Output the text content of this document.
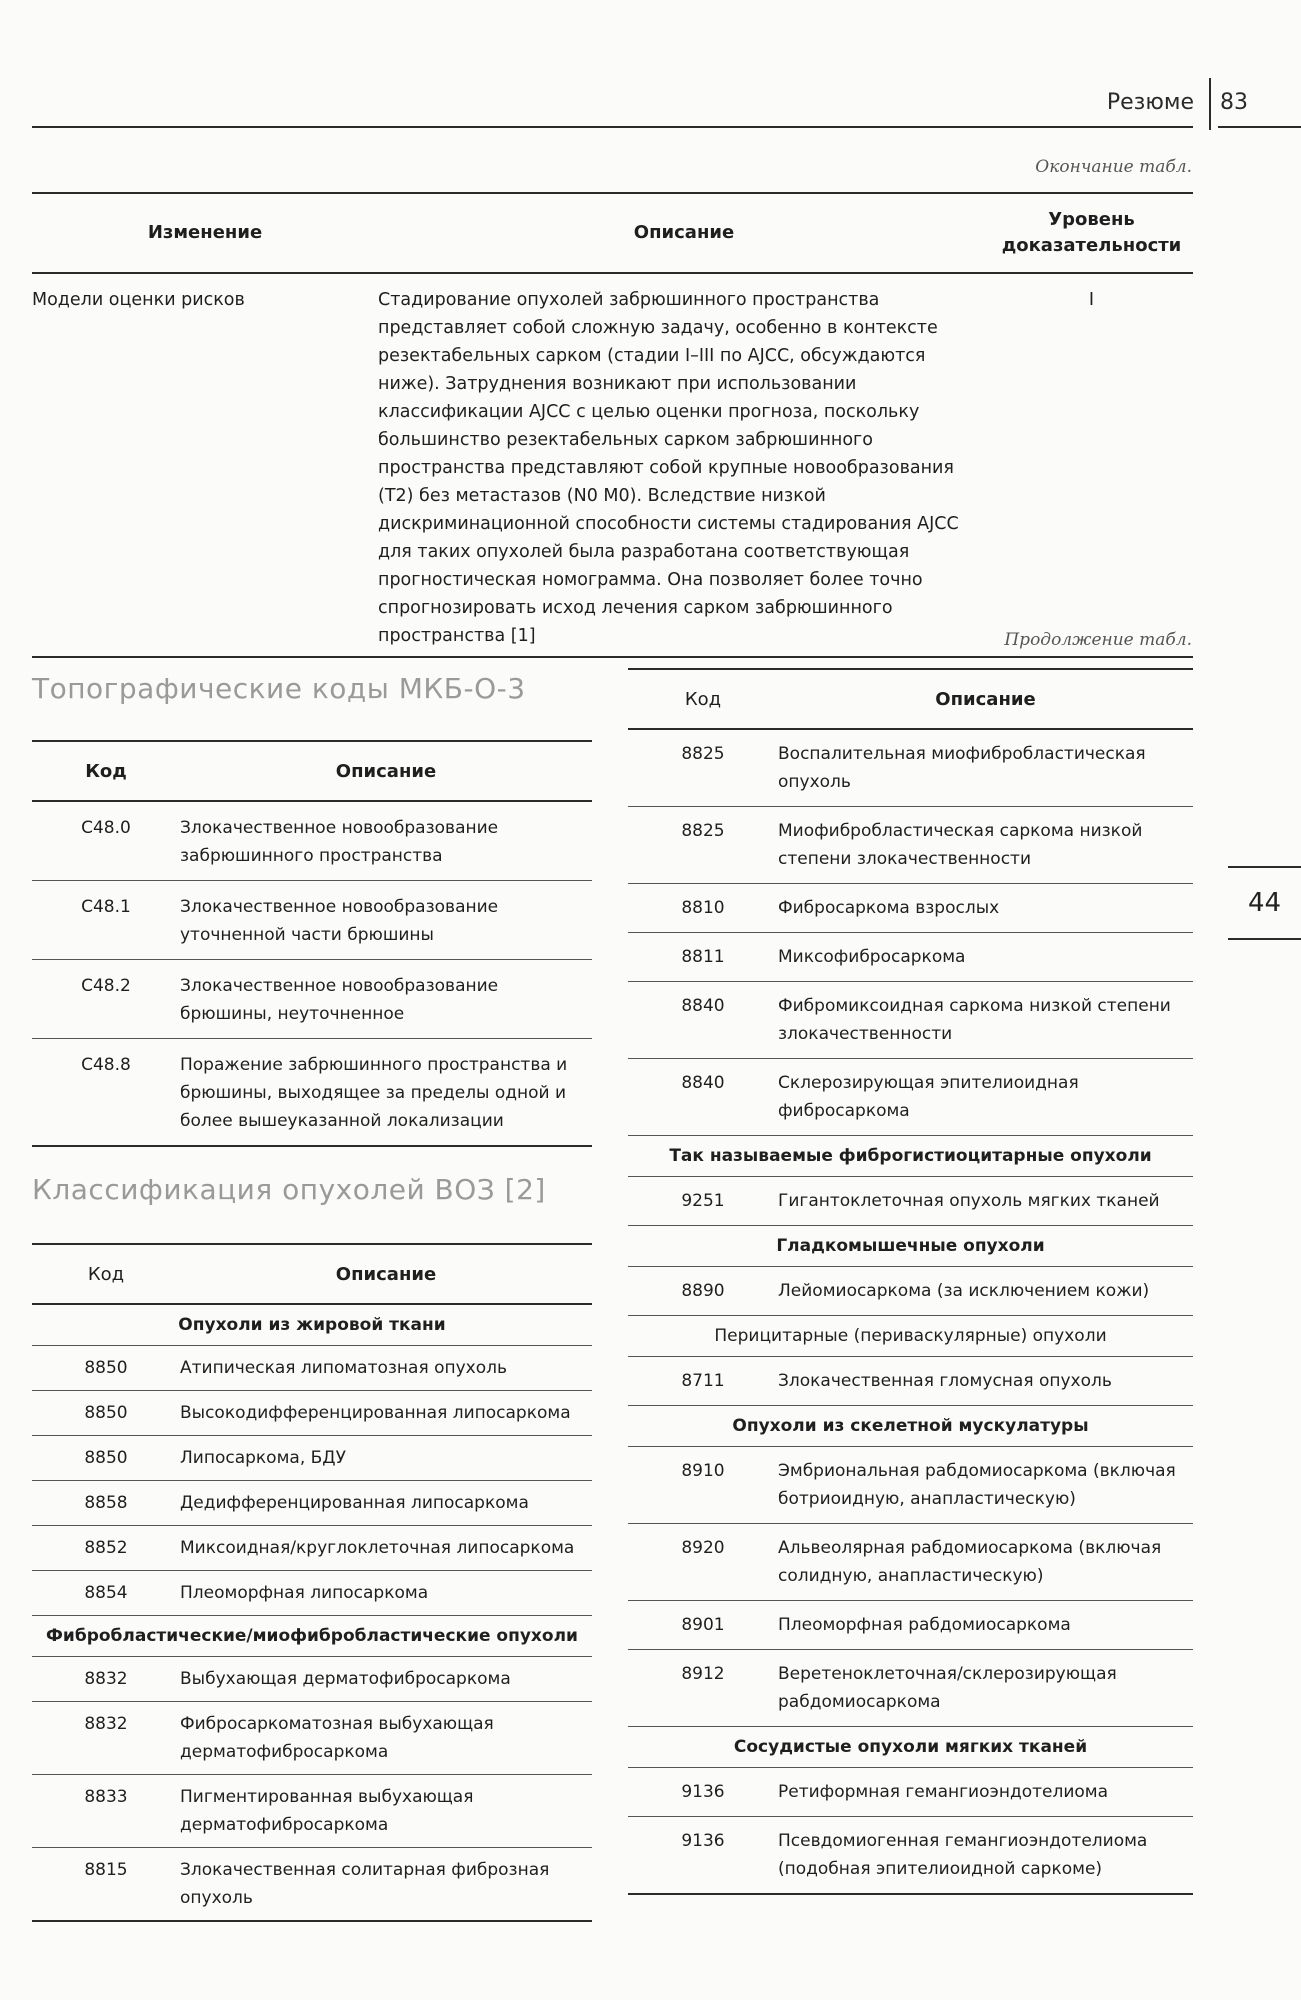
Резюме 83
44
Окончание табл.
Изменение	Описание	Уровень доказательности
Модели оценки рисков	Стадирование опухолей забрюшинного пространства представляет собой сложную задачу, особенно в контексте резектабельных сарком (стадии I–III по AJCC, обсуждаются ниже). Затруднения возникают при использовании классификации AJCC с целью оценки прогноза, поскольку большинство резектабельных сарком забрюшинного пространства представляют собой крупные новообразования (T2) без метастазов (N0 M0). Вследствие низкой дискриминационной способности системы стадирования AJCC для таких опухолей была разработана соответствующая прогностическая номограмма. Она позволяет более точно спрогнозировать исход лечения сарком забрюшинного пространства [1]	I
Топографические коды МКБ-О-3
Код	Описание
C48.0	Злокачественное новообразование забрюшинного пространства
C48.1	Злокачественное новообразование уточненной части брюшины
C48.2	Злокачественное новообразование брюшины, неуточненное
C48.8	Поражение забрюшинного пространства и брюшины, выходящее за пределы одной и более вышеуказанной локализации
Классификация опухолей ВОЗ [2]
Код	Описание
Опухоли из жировой ткани	
8850	Атипическая липоматозная опухоль
8850	Высокодифференцированная липосаркома
8850	Липосаркома, БДУ
8858	Дедифференцированная липосаркома
8852	Миксоидная/круглоклеточная липосаркома
8854	Плеоморфная липосаркома
Фибробластические/миофибробластические опухоли	
8832	Выбухающая дерматофибросаркома
8832	Фибросаркоматозная выбухающая дерматофибросаркома
8833	Пигментированная выбухающая дерматофибросаркома
8815	Злокачественная солитарная фиброзная опухоль
Продолжение табл.
Код	Описание
8825	Воспалительная миофибробластическая опухоль
8825	Миофибробластическая саркома низкой степени злокачественности
8810	Фибросаркома взрослых
8811	Миксофибросаркома
8840	Фибромиксоидная саркома низкой степени злокачественности
8840	Склерозирующая эпителиоидная фибросаркома
Так называемые фиброгистиоцитарные опухоли	
9251	Гигантоклеточная опухоль мягких тканей
Гладкомышечные опухоли	
8890	Лейомиосаркома (за исключением кожи)
Перицитарные (периваскулярные) опухоли	
8711	Злокачественная гломусная опухоль
Опухоли из скелетной мускулатуры	
8910	Эмбриональная рабдомиосаркома (включая ботриоидную, анапластическую)
8920	Альвеолярная рабдомиосаркома (включая солидную, анапластическую)
8901	Плеоморфная рабдомиосаркома
8912	Веретеноклеточная/склерозирующая рабдомиосаркома
Сосудистые опухоли мягких тканей	
9136	Ретиформная гемангиоэндотелиома
9136	Псевдомиогенная гемангиоэндотелиома (подобная эпителиоидной саркоме)
